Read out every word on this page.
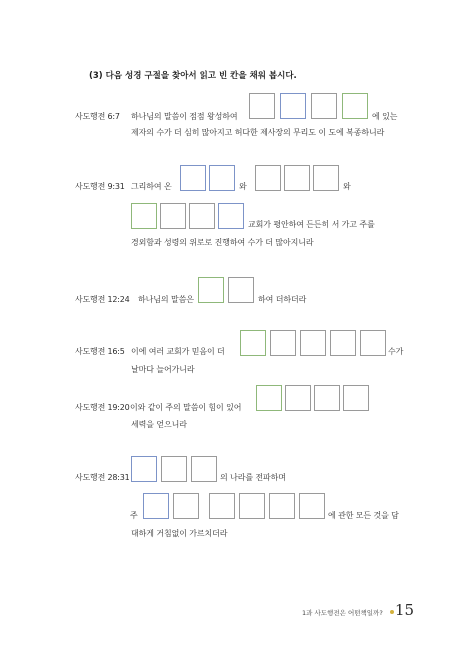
(3) 다음 성경 구절을 찾아서 읽고 빈 칸을 채워 봅시다.
사도행전 6:7 하나님의 말씀이 점점 왕성하여	에 있는
제자의 수가 더 심히 많아지고 허다한 제사장의 무리도 이 도에 복종하니라
사도행전 9:31 그리하여 온	와	와
교회가 평안하여 든든히 서 가고 주를
경외함과 성령의 위로로 진행하여 수가 더 많아지니라
사도행전 12:24 하나님의 말씀은	하여 더하더라
사도행전 16:5 이에 여러 교회가 믿음이 더	수가
날마다 늘어가니라
사도행전 19:20 이와 같이 주의 말씀이 힘이 있어
세력을 얻으니라
사도행전 28:31	의 나라를 전파하며
주	에 관한 모든 것을 담
대하게 거침없이 가르치더라
1과 사도행전은 어떤책일까? 15
